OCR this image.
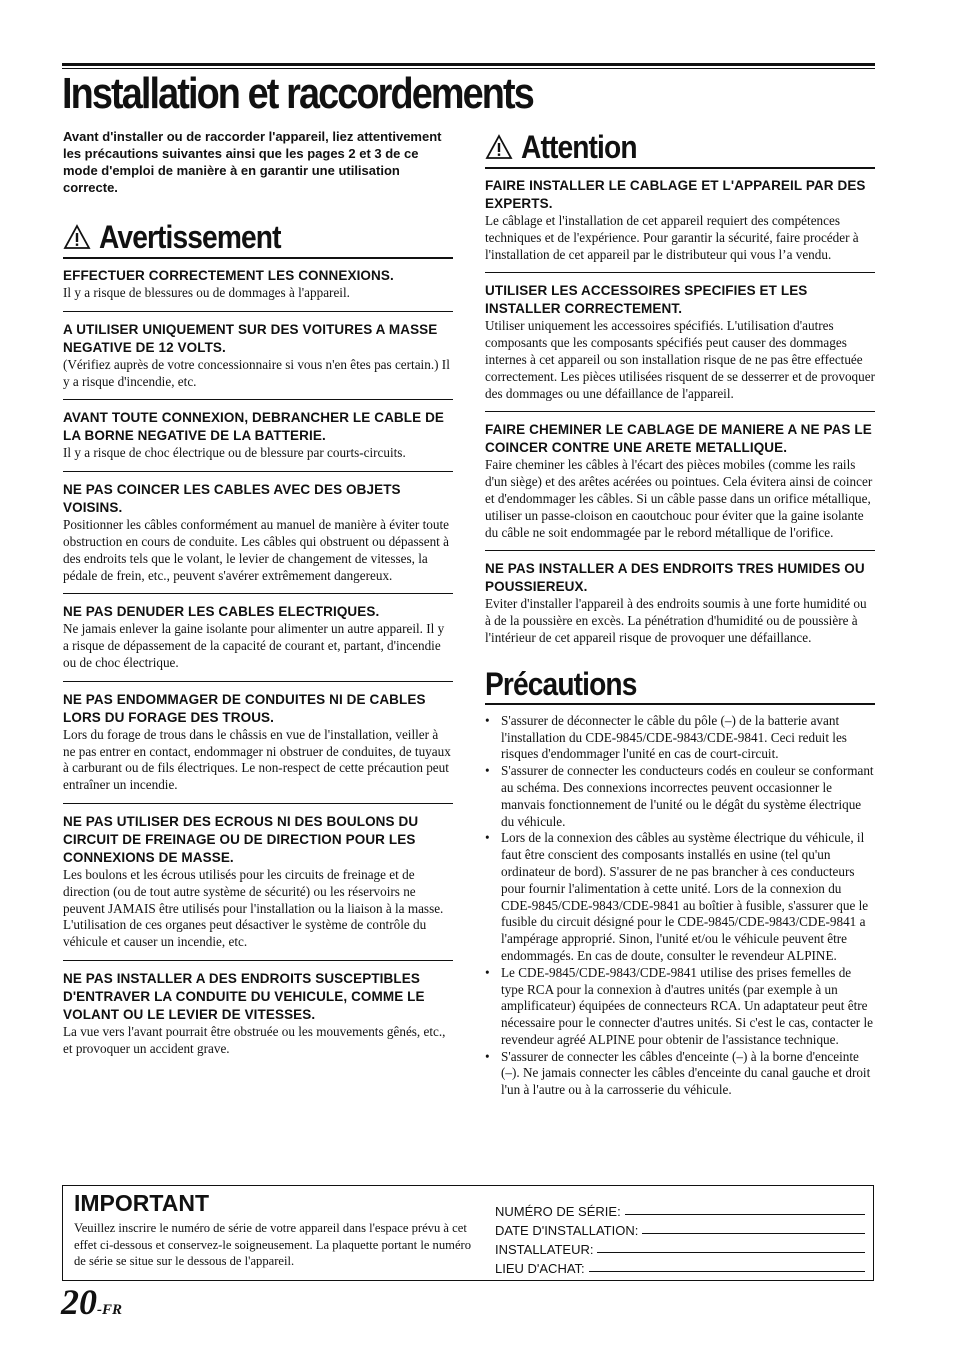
Installation et raccordements

Avant d'installer ou de raccorder l'appareil, liez attentivement les précautions suivantes ainsi que les pages 2 et 3 de ce mode d'emploi de manière à en garantir une utilisation correcte.

Avertissement
EFFECTUER CORRECTEMENT LES CONNEXIONS.

Il y a risque de blessures ou de dommages à l'appareil.

A UTILISER UNIQUEMENT SUR DES VOITURES A MASSE NEGATIVE DE 12 VOLTS.

(Vérifiez auprès de votre concessionnaire si vous n'en êtes pas certain.) Il y a risque d'incendie, etc.

AVANT TOUTE CONNEXION, DEBRANCHER LE CABLE DE LA BORNE NEGATIVE DE LA BATTERIE.

Il y a risque de choc électrique ou de blessure par courts-circuits.

NE PAS COINCER LES CABLES AVEC DES OBJETS VOISINS.

Positionner les câbles conformément au manuel de manière à éviter toute obstruction en cours de conduite. Les câbles qui obstruent ou dépassent à des endroits tels que le volant, le levier de changement de vitesses, la pédale de frein, etc., peuvent s'avérer extrêmement dangereux.

NE PAS DENUDER LES CABLES ELECTRIQUES.

Ne jamais enlever la gaine isolante pour alimenter un autre appareil. Il y a risque de dépassement de la capacité de courant et, partant, d'incendie ou de choc électrique.

NE PAS ENDOMMAGER DE CONDUITES NI DE CABLES LORS DU FORAGE DES TROUS.

Lors du forage de trous dans le châssis en vue de l'installation, veiller à ne pas entrer en contact, endommager ni obstruer de conduites, de tuyaux à carburant ou de fils électriques. Le non-respect de cette précaution peut entraîner un incendie.

NE PAS UTILISER DES ECROUS NI DES BOULONS DU CIRCUIT DE FREINAGE OU DE DIRECTION POUR LES CONNEXIONS DE MASSE.

Les boulons et les écrous utilisés pour les circuits de freinage et de direction (ou de tout autre système de sécurité) ou les réservoirs ne peuvent JAMAIS être utilisés pour l'installation ou la liaison à la masse. L'utilisation de ces organes peut désactiver le système de contrôle du véhicule et causer un incendie, etc.

NE PAS INSTALLER A DES ENDROITS SUSCEPTIBLES D'ENTRAVER LA CONDUITE DU VEHICULE, COMME LE VOLANT OU LE LEVIER DE VITESSES.

La vue vers l'avant pourrait être obstruée ou les mouvements gênés, etc., et provoquer un accident grave.

Attention
FAIRE INSTALLER LE CABLAGE ET L'APPAREIL PAR DES EXPERTS.

Le câblage et l'installation de cet appareil requiert des compétences techniques et de l'expérience. Pour garantir la sécurité, faire procéder à l'installation de cet appareil par le distributeur qui vous l’a vendu.

UTILISER LES ACCESSOIRES SPECIFIES ET LES INSTALLER CORRECTEMENT.

Utiliser uniquement les accessoires spécifiés. L'utilisation d'autres composants que les composants spécifiés peut causer des dommages internes à cet appareil ou son installation risque de ne pas être effectuée correctement. Les pièces utilisées risquent de se desserrer et de provoquer des dommages ou une défaillance de l'appareil.

FAIRE CHEMINER LE CABLAGE DE MANIERE A NE PAS LE COINCER CONTRE UNE ARETE METALLIQUE.

Faire cheminer les câbles à l'écart des pièces mobiles (comme les rails d'un siège) et des arêtes acérées ou pointues. Cela évitera ainsi de coincer et d'endommager les câbles. Si un câble passe dans un orifice métallique, utiliser un passe-cloison en caoutchouc pour éviter que la gaine isolante du câble ne soit endommagée par le rebord métallique de l'orifice.

NE PAS INSTALLER A DES ENDROITS TRES HUMIDES OU POUSSIEREUX.

Eviter d'installer l'appareil à des endroits soumis à une forte humidité ou à de la poussière en excès. La pénétration d'humidité ou de poussière à l'intérieur de cet appareil risque de provoquer une défaillance.

Précautions
• S'assurer de déconnecter le câble du pôle (–) de la batterie avant l'installation du CDE-9845/CDE-9843/CDE-9841. Ceci reduit les risques d'endommager l'unité en cas de court-circuit.
• S'assurer de connecter les conducteurs codés en couleur se conformant au schéma. Des connexions incorrectes peuvent occasionner le manvais fonctionnement de l'unité ou le dégât du système électrique du véhicule.
• Lors de la connexion des câbles au système électrique du véhicule, il faut être conscient des composants installés en usine (tel qu'un ordinateur de bord). S'assurer de ne pas brancher à ces conducteurs pour fournir l'alimentation à cette unité. Lors de la connexion du CDE-9845/CDE-9843/CDE-9841 au boîtier à fusible, s'assurer que le fusible du circuit désigné pour le CDE-9845/CDE-9843/CDE-9841 a l'ampérage approprié. Sinon, l'unité et/ou le véhicule peuvent être endommagés. En cas de doute, consulter le revendeur ALPINE.
• Le CDE-9845/CDE-9843/CDE-9841 utilise des prises femelles de type RCA pour la connexion à d'autres unités (par exemple à un amplificateur) équipées de connecteurs RCA. Un adaptateur peut être nécessaire pour le connecter d'autres unités. Si c'est le cas, contacter le revendeur agréé ALPINE pour obtenir de l'assistance technique.
• S'assurer de connecter les câbles d'enceinte (–) à la borne d'enceinte (–). Ne jamais connecter les câbles d'enceinte du canal gauche et droit l'un à l'autre ou à la carrosserie du véhicule.
IMPORTANT

Veuillez inscrire le numéro de série de votre appareil dans l'espace prévu à cet effet ci-dessous et conservez-le soigneusement. La plaquette portant le numéro de série se situe sur le dessous de l'appareil.

NUMÉRO DE SÉRIE:
DATE D'INSTALLATION:
INSTALLATEUR:
LIEU D'ACHAT:
20-FR
